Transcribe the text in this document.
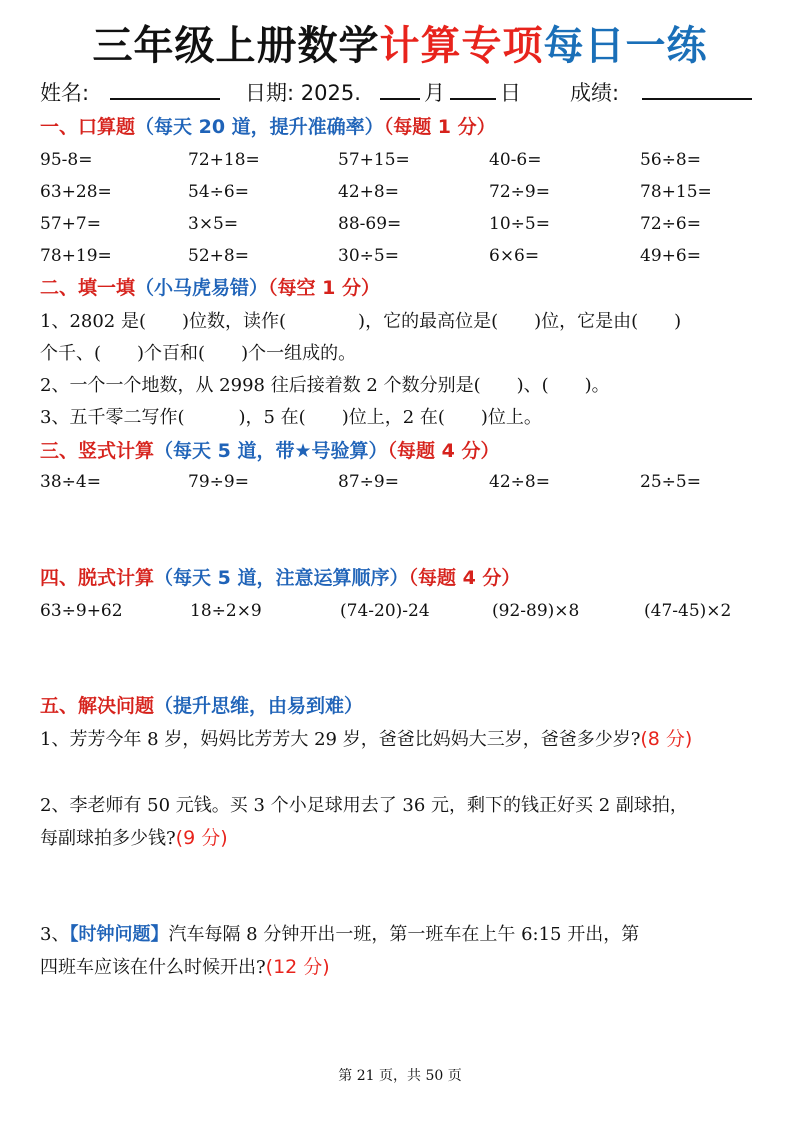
三年级上册数学计算专项每日一练
姓名:	日期: 2025.	月	日 成绩:
一、口算题（每天 20 道，提升准确率）（每题 1 分）
95-8=	72+18=	57+15=	40-6=	56÷8=
63+28=	54÷6=	42+8=	72÷9=	78+15=
57+7=	3×5=	88-69=	10÷5=	72÷6=
78+19=	52+8=	30÷5=	6×6=	49+6=
二、填一填（小马虎易错）（每空 1 分）
1、2802 是(　　)位数，读作(　　　　)，它的最高位是(　　)位，它是由(　　)
个千、(　　)个百和(　　)个一组成的。
2、一个一个地数，从 2998 往后接着数 2 个数分别是(　　)、(　　)。
3、五千零二写作(　　　)，5 在(　　)位上，2 在(　　)位上。
三、竖式计算（每天 5 道，带★号验算）（每题 4 分）
38÷4=	79÷9=	87÷9=	42÷8=	25÷5=
四、脱式计算（每天 5 道，注意运算顺序）（每题 4 分）
63÷9+62	18÷2×9	(74-20)-24	(92-89)×8	(47-45)×2
五、解决问题（提升思维，由易到难）
1、芳芳今年 8 岁，妈妈比芳芳大 29 岁，爸爸比妈妈大三岁，爸爸多少岁?(8 分)
2、李老师有 50 元钱。买 3 个小足球用去了 36 元，剩下的钱正好买 2 副球拍，
每副球拍多少钱?(9 分)
3、【时钟问题】汽车每隔 8 分钟开出一班，第一班车在上午 6:15 开出，第
四班车应该在什么时候开出?(12 分)
第 21 页，共 50 页
